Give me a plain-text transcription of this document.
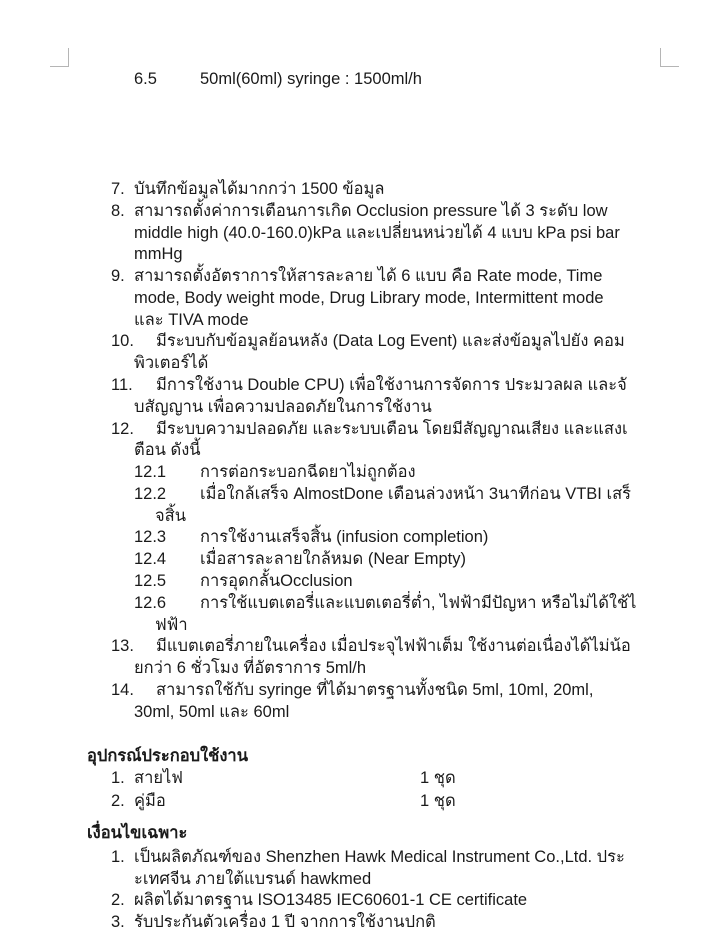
6.5	50ml(60ml) syringe : 1500ml/h
7. บันทึกข้อมูลได้มากกว่า 1500 ข้อมูล
8. สามารถตั้งค่าการเตือนการเกิด Occlusion pressure ได้ 3 ระดับ low
middle high (40.0-160.0)kPa และเปลี่ยนหน่วยได้ 4 แบบ kPa psi bar
mmHg
9. สามารถตั้งอัตราการให้สารละลาย ได้ 6 แบบ คือ Rate mode, Time
mode, Body weight mode, Drug Library mode, Intermittent mode
และ TIVA mode
10. มีระบบกับข้อมูลย้อนหลัง (Data Log Event) และส่งข้อมูลไปยัง คอม
พิวเตอร์ได้
11. มีการใช้งาน Double CPU) เพื่อใช้งานการจัดการ ประมวลผล และจั
บสัญญาน เพื่อความปลอดภัยในการใช้งาน
12. มีระบบความปลอดภัย และระบบเตือน โดยมีสัญญาณเสียง และแสงเ
ตือน ดังนี้
12.1 การต่อกระบอกฉีดยาไม่ถูกต้อง
12.2 เมื่อใกล้เสร็จ AlmostDone เตือนล่วงหน้า 3นาทีก่อน VTBI เสร็
จสิ้น
12.3 การใช้งานเสร็จสิ้น (infusion completion)
12.4 เมื่อสารละลายใกล้หมด (Near Empty)
12.5 การอุดกลั้นOcclusion
12.6 การใช้แบตเตอรี่และแบตเตอรี่ต่ำ, ไฟฟ้ามีปัญหา หรือไม่ได้ใช้ไ
ฟฟ้า
13. มีแบตเตอรี่ภายในเครื่อง เมื่อประจุไฟฟ้าเต็ม ใช้งานต่อเนื่องได้ไม่น้อ
ยกว่า 6 ชั่วโมง ที่อัตราการ 5ml/h
14. สามารถใช้กับ syringe ที่ได้มาตรฐานทั้งชนิด 5ml, 10ml, 20ml,
30ml, 50ml และ 60ml
อุปกรณ์ประกอบใช้งาน
1. สายไฟ	1 ชุด
2. คู่มือ	1 ชุด
เงื่อนไขเฉพาะ
1. เป็นผลิตภัณฑ์ของ Shenzhen Hawk Medical Instrument Co.,Ltd. ประ
ะเทศจีน ภายใต้แบรนด์ hawkmed
2. ผลิตได้มาตรฐาน ISO13485 IEC60601-1 CE certificate
3. รับประกันตัวเครื่อง 1 ปี จากการใช้งานปกติ
